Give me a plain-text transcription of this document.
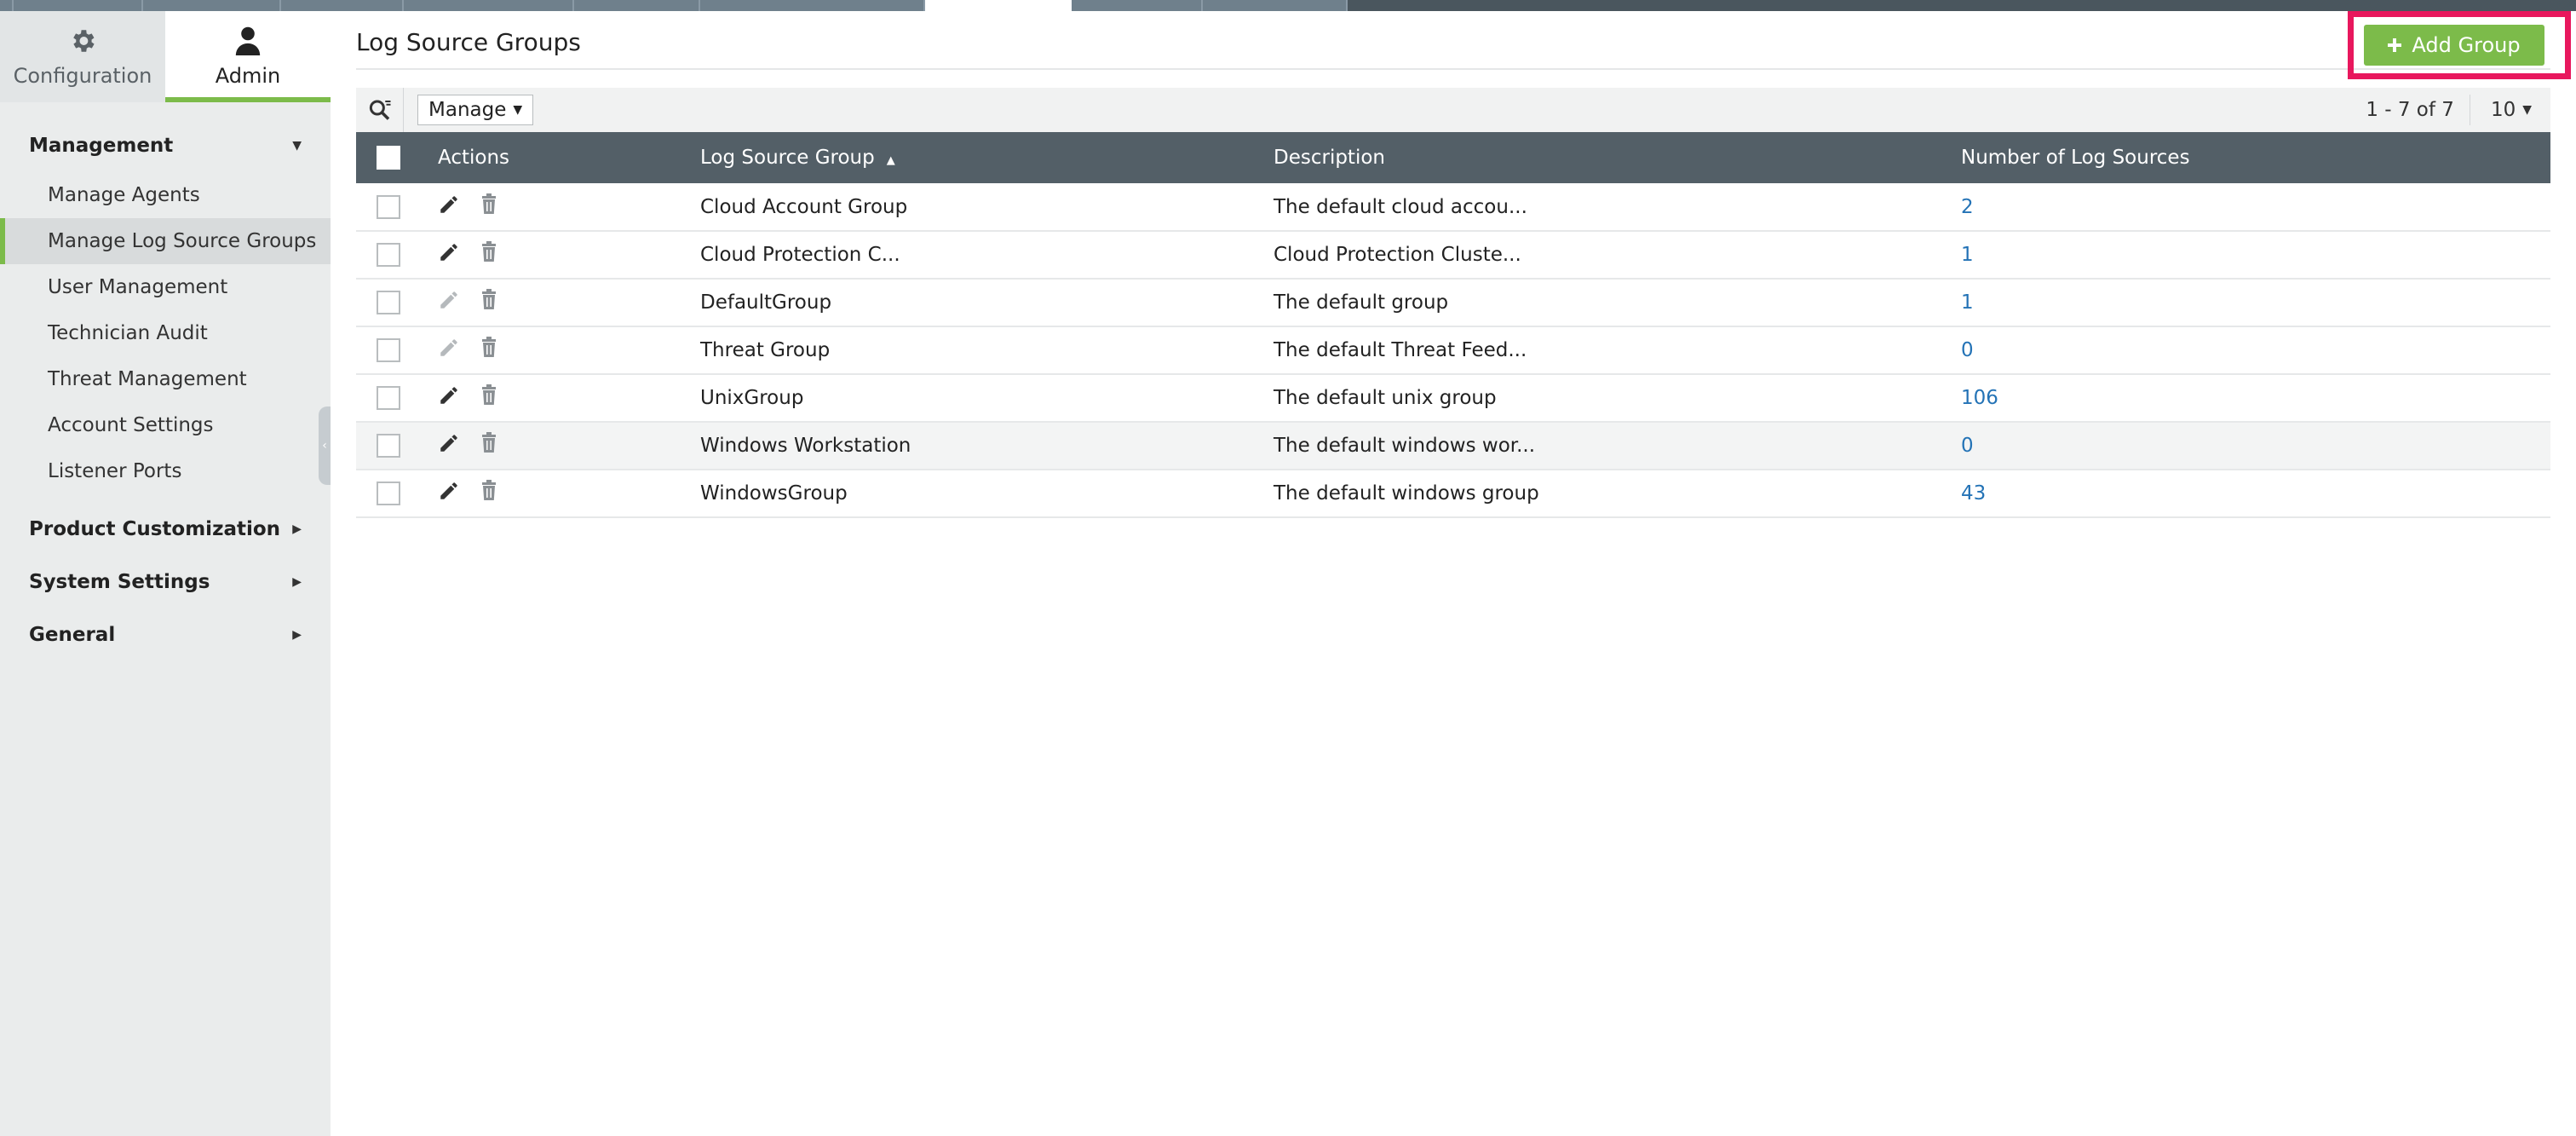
Configuration	Admin
Management	▼
Manage Agents
Manage Log Source Groups
User Management
Technician Audit
Threat Management
Account Settings
Listener Ports
Product Customization ▶
System Settings	▶
General	▶
‹
Log Source Groups	Add Group
Manage ▼	1 - 7 of 7	10 ▼
	Actions	Log Source Group ▲	Description	Number of Log Sources

	Cloud Account Group	The default cloud accou...	2

	Cloud Protection C...	Cloud Protection Cluste...	1

	DefaultGroup	The default group	1

	Threat Group	The default Threat Feed...	0

	UnixGroup	The default unix group	106

	Windows Workstation	The default windows wor...	0

	WindowsGroup	The default windows group	43
